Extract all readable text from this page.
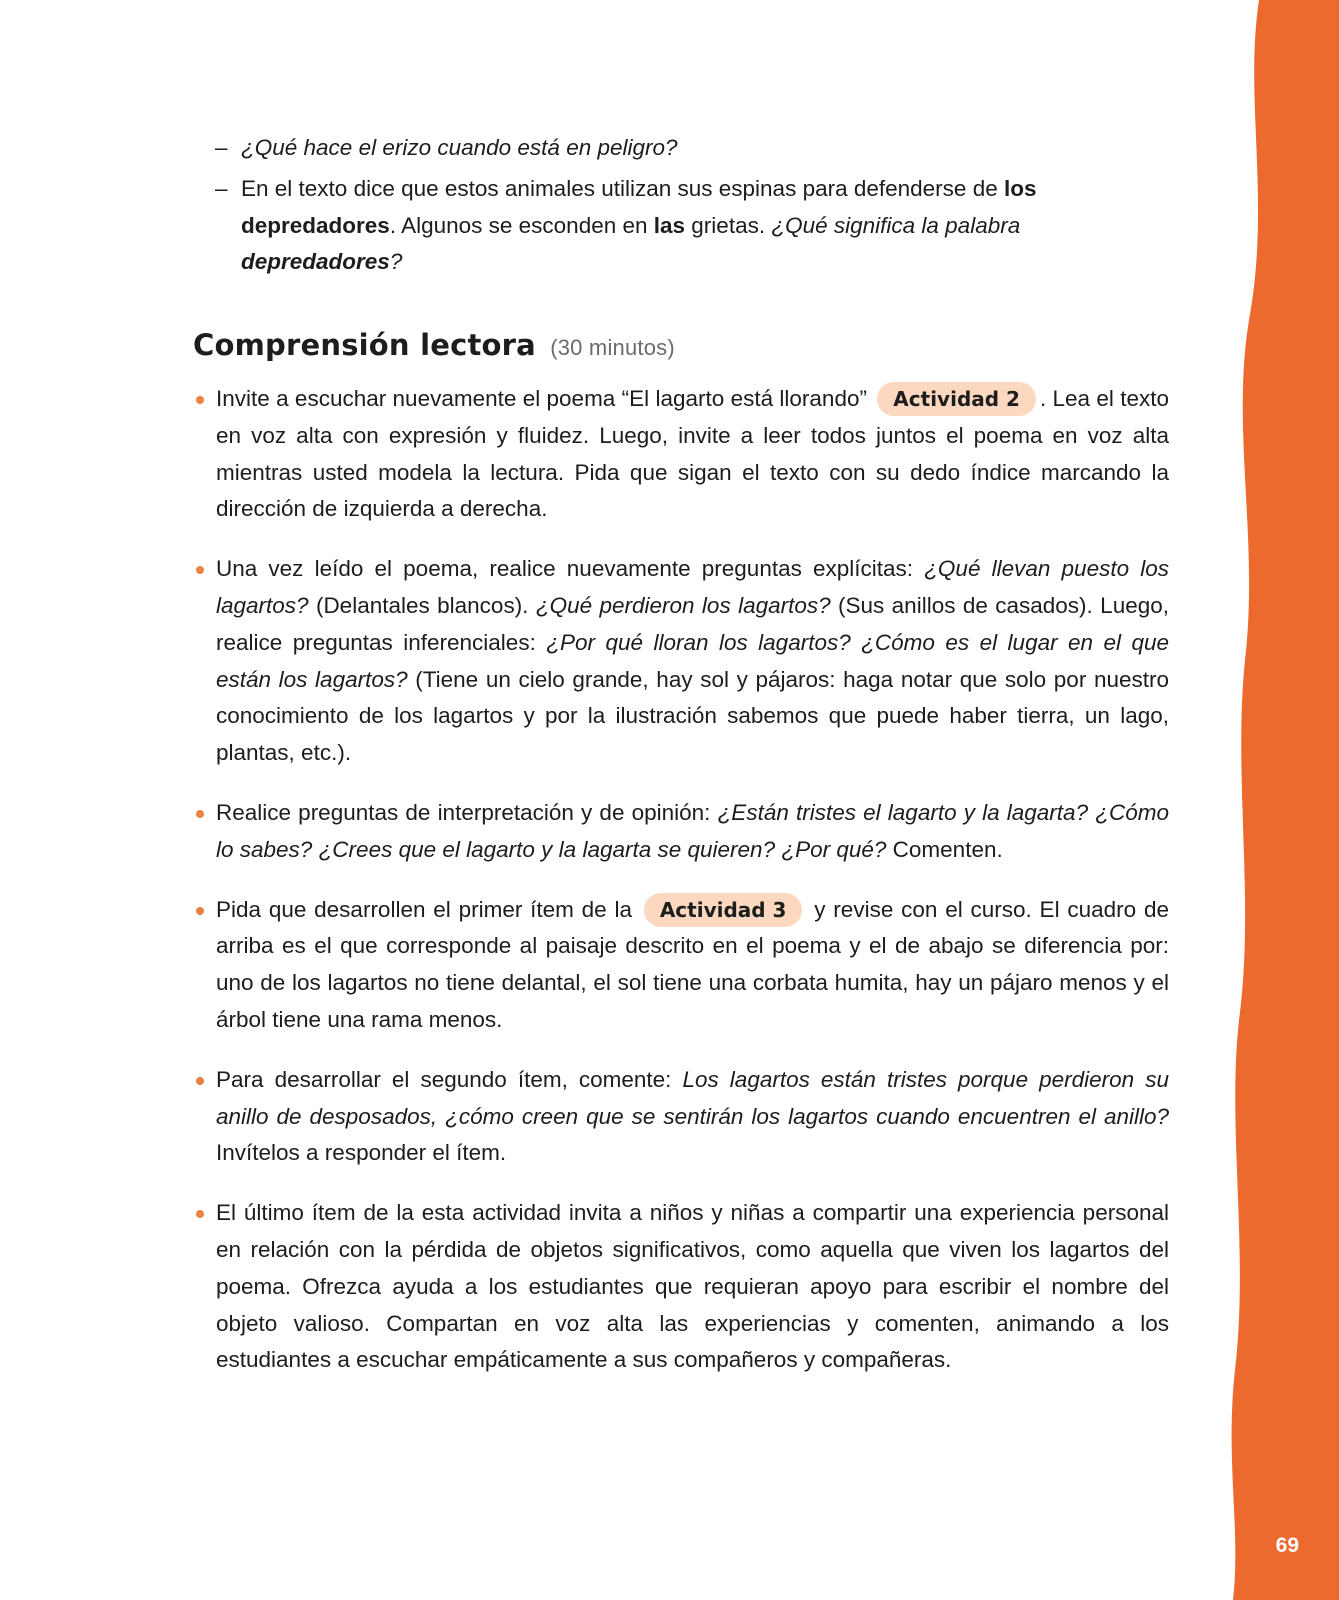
69
– ¿Qué hace el erizo cuando está en peligro?
– En el texto dice que estos animales utilizan sus espinas para defenderse de los depredadores. Algunos se esconden en las grietas. ¿Qué significa la palabra depredadores?
Comprensión lectora (30 minutos)
Invite a escuchar nuevamente el poema “El lagarto está llorando” Actividad 2 . Lea el texto en voz alta con expresión y fluidez. Luego, invite a leer todos juntos el poema en voz alta mientras usted modela la lectura. Pida que sigan el texto con su dedo índice marcando la dirección de izquierda a derecha.
Una vez leído el poema, realice nuevamente preguntas explícitas: ¿Qué llevan puesto los lagartos? (Delantales blancos). ¿Qué perdieron los lagartos? (Sus anillos de casados). Luego, realice preguntas inferenciales: ¿Por qué lloran los lagartos? ¿Cómo es el lugar en el que están los lagartos? (Tiene un cielo grande, hay sol y pájaros: haga notar que solo por nuestro conocimiento de los lagartos y por la ilustración sabemos que puede haber tierra, un lago, plantas, etc.).
Realice preguntas de interpretación y de opinión: ¿Están tristes el lagarto y la lagarta? ¿Cómo lo sabes? ¿Crees que el lagarto y la lagarta se quieren? ¿Por qué? Comenten.
Pida que desarrollen el primer ítem de la Actividad 3 y revise con el curso. El cuadro de arriba es el que corresponde al paisaje descrito en el poema y el de abajo se diferencia por: uno de los lagartos no tiene delantal, el sol tiene una corbata humita, hay un pájaro menos y el árbol tiene una rama menos.
Para desarrollar el segundo ítem, comente: Los lagartos están tristes porque perdieron su anillo de desposados, ¿cómo creen que se sentirán los lagartos cuando encuentren el anillo? Invítelos a responder el ítem.
El último ítem de la esta actividad invita a niños y niñas a compartir una experiencia personal en relación con la pérdida de objetos significativos, como aquella que viven los lagartos del poema. Ofrezca ayuda a los estudiantes que requieran apoyo para escribir el nombre del objeto valioso. Compartan en voz alta las experiencias y comenten, animando a los estudiantes a escuchar empáticamente a sus compañeros y compañeras.
